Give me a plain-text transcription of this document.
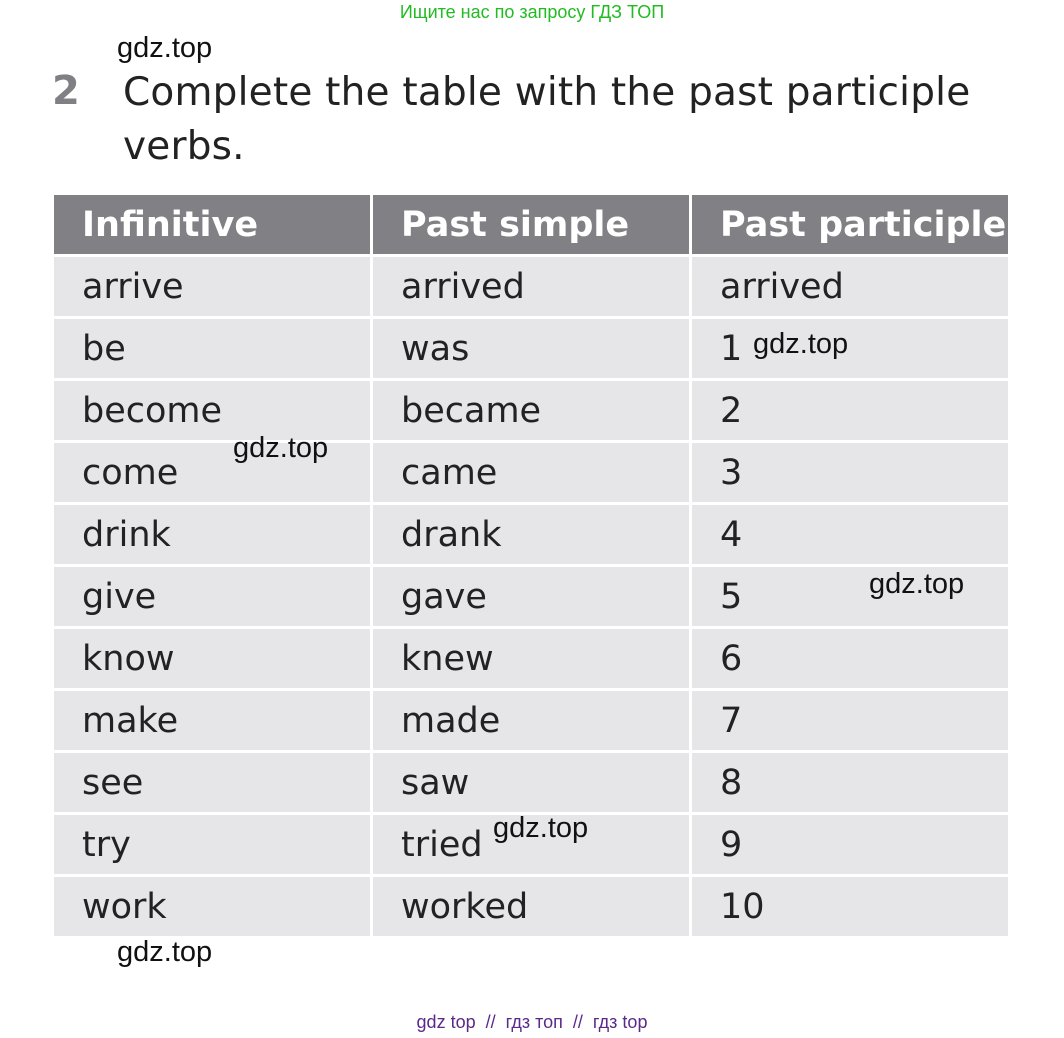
Ищите нас по запросу ГДЗ ТОП
2 Complete the table with the past participle verbs.
Infinitive	Past simple	Past participle
arrive	arrived	arrived
be	was	1
become	became	2
come	came	3
drink	drank	4
give	gave	5
know	knew	6
make	made	7
see	saw	8
try	tried	9
work	worked	10
gdz.top
gdz.top
gdz.top
gdz.top
gdz.top
gdz.top
gdz top  //  гдз топ  //  гдз top
